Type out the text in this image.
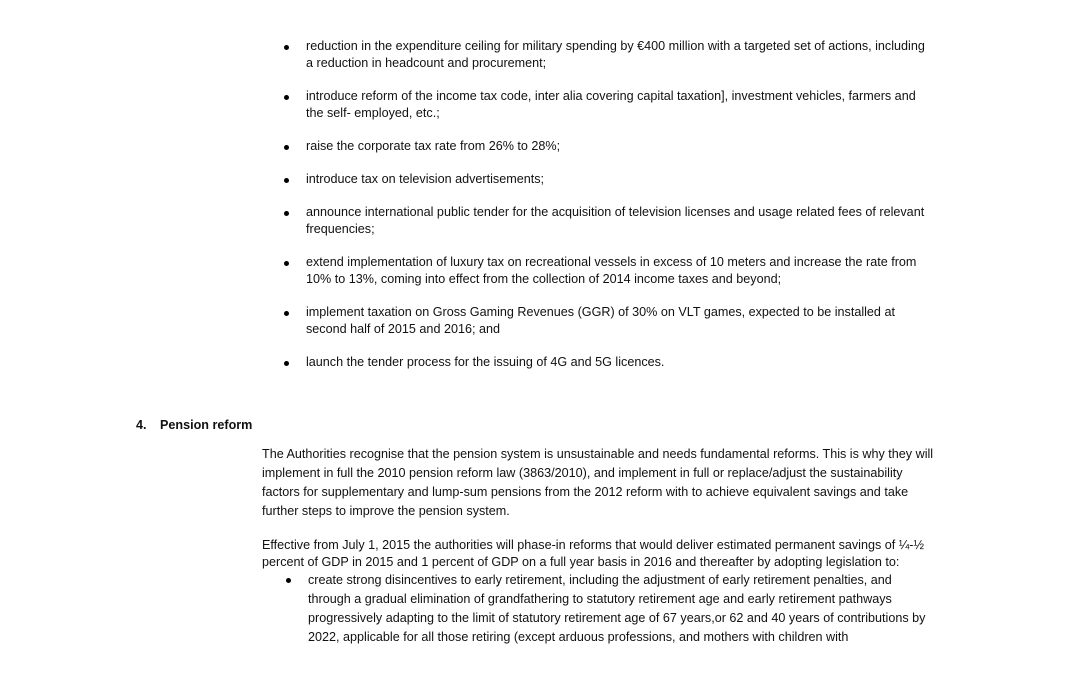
reduction in the expenditure ceiling for military spending by €400 million with a targeted set of actions, including a reduction in headcount and procurement;
introduce reform of the income tax code, inter alia covering capital taxation], investment vehicles, farmers and the self- employed, etc.;
raise the corporate tax rate from 26% to 28%;
introduce tax on television advertisements;
announce international public tender for the acquisition of television licenses and usage related fees of relevant frequencies;
extend implementation of luxury tax on recreational vessels in excess of 10 meters and increase the rate from 10% to 13%, coming into effect from the collection of 2014 income taxes and beyond;
implement taxation on Gross Gaming Revenues (GGR) of 30% on VLT games, expected to be installed at second half of 2015 and 2016; and
launch the tender process for the issuing of 4G and 5G licences.
4. Pension reform

The Authorities recognise that the pension system is unsustainable and needs fundamental reforms. This is why they will implement in full the 2010 pension reform law (3863/2010), and implement in full or replace/adjust the sustainability factors for supplementary and lump-sum pensions from the 2012 reform with to achieve equivalent savings and take further steps to improve the pension system.

Effective from July 1, 2015 the authorities will phase-in reforms that would deliver estimated permanent savings of ¼-½ percent of GDP in 2015 and 1 percent of GDP on a full year basis in 2016 and thereafter by adopting legislation to:

create strong disincentives to early retirement, including the adjustment of early retirement penalties, and through a gradual elimination of grandfathering to statutory retirement age and early retirement pathways progressively adapting to the limit of statutory retirement age of 67 years,or 62 and 40 years of contributions by 2022, applicable for all those retiring (except arduous professions, and mothers with children with
